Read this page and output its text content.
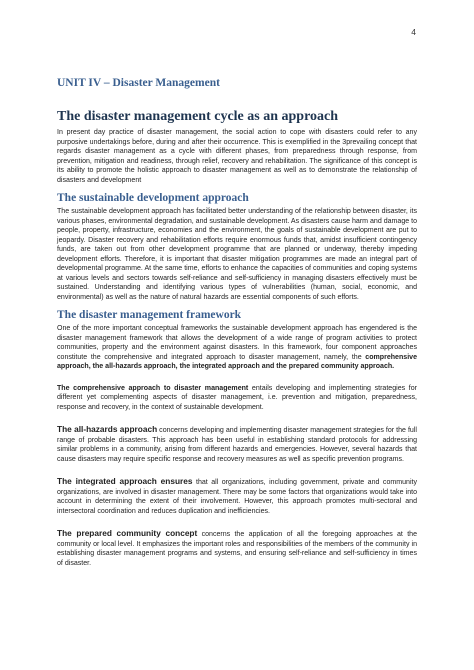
4
UNIT IV – Disaster Management
The disaster management cycle as an approach

In present day practice of disaster management, the social action to cope with disasters could refer to any purposive undertakings before, during and after their occurrence. This is exemplified in the 3prevailing concept that regards disaster management as a cycle with different phases, from preparedness through response, from prevention, mitigation and readiness, through relief, recovery and rehabilitation. The significance of this concept is its ability to promote the holistic approach to disaster management as well as to demonstrate the relationship of disasters and development

The sustainable development approach

The sustainable development approach has facilitated better understanding of the relationship between disaster, its various phases, environmental degradation, and sustainable development. As disasters cause harm and damage to people, property, infrastructure, economies and the environment, the goals of sustainable development are put to jeopardy. Disaster recovery and rehabilitation efforts require enormous funds that, amidst insufficient contingency funds, are taken out from other development programme that are planned or underway, thereby impeding development efforts. Therefore, it is important that disaster mitigation programmes are made an integral part of developmental programme. At the same time, efforts to enhance the capacities of communities and coping systems at various levels and sectors towards self-reliance and self-sufficiency in managing disasters effectively must be sustained. Understanding and identifying various types of vulnerabilities (human, social, economic, and environmental) as well as the nature of natural hazards are essential components of such efforts.

The disaster management framework

One of the more important conceptual frameworks the sustainable development approach has engendered is the disaster management framework that allows the development of a wide range of program activities to protect communities, property and the environment against disasters. In this framework, four component approaches constitute the comprehensive and integrated approach to disaster management, namely, the comprehensive approach, the all-hazards approach, the integrated approach and the prepared community approach.

The comprehensive approach to disaster management entails developing and implementing strategies for different yet complementing aspects of disaster management, i.e. prevention and mitigation, preparedness, response and recovery, in the context of sustainable development.

The all-hazards approach concerns developing and implementing disaster management strategies for the full range of probable disasters. This approach has been useful in establishing standard protocols for addressing similar problems in a community, arising from different hazards and emergencies. However, several hazards that cause disasters may require specific response and recovery measures as well as specific prevention programs.

The integrated approach ensures that all organizations, including government, private and community organizations, are involved in disaster management. There may be some factors that organizations would take into account in determining the extent of their involvement. However, this approach promotes multi-sectoral and intersectoral coordination and reduces duplication and inefficiencies.

The prepared community concept concerns the application of all the foregoing approaches at the community or local level. It emphasizes the important roles and responsibilities of the members of the community in establishing disaster management programs and systems, and ensuring self-reliance and self-sufficiency in times of disaster.
